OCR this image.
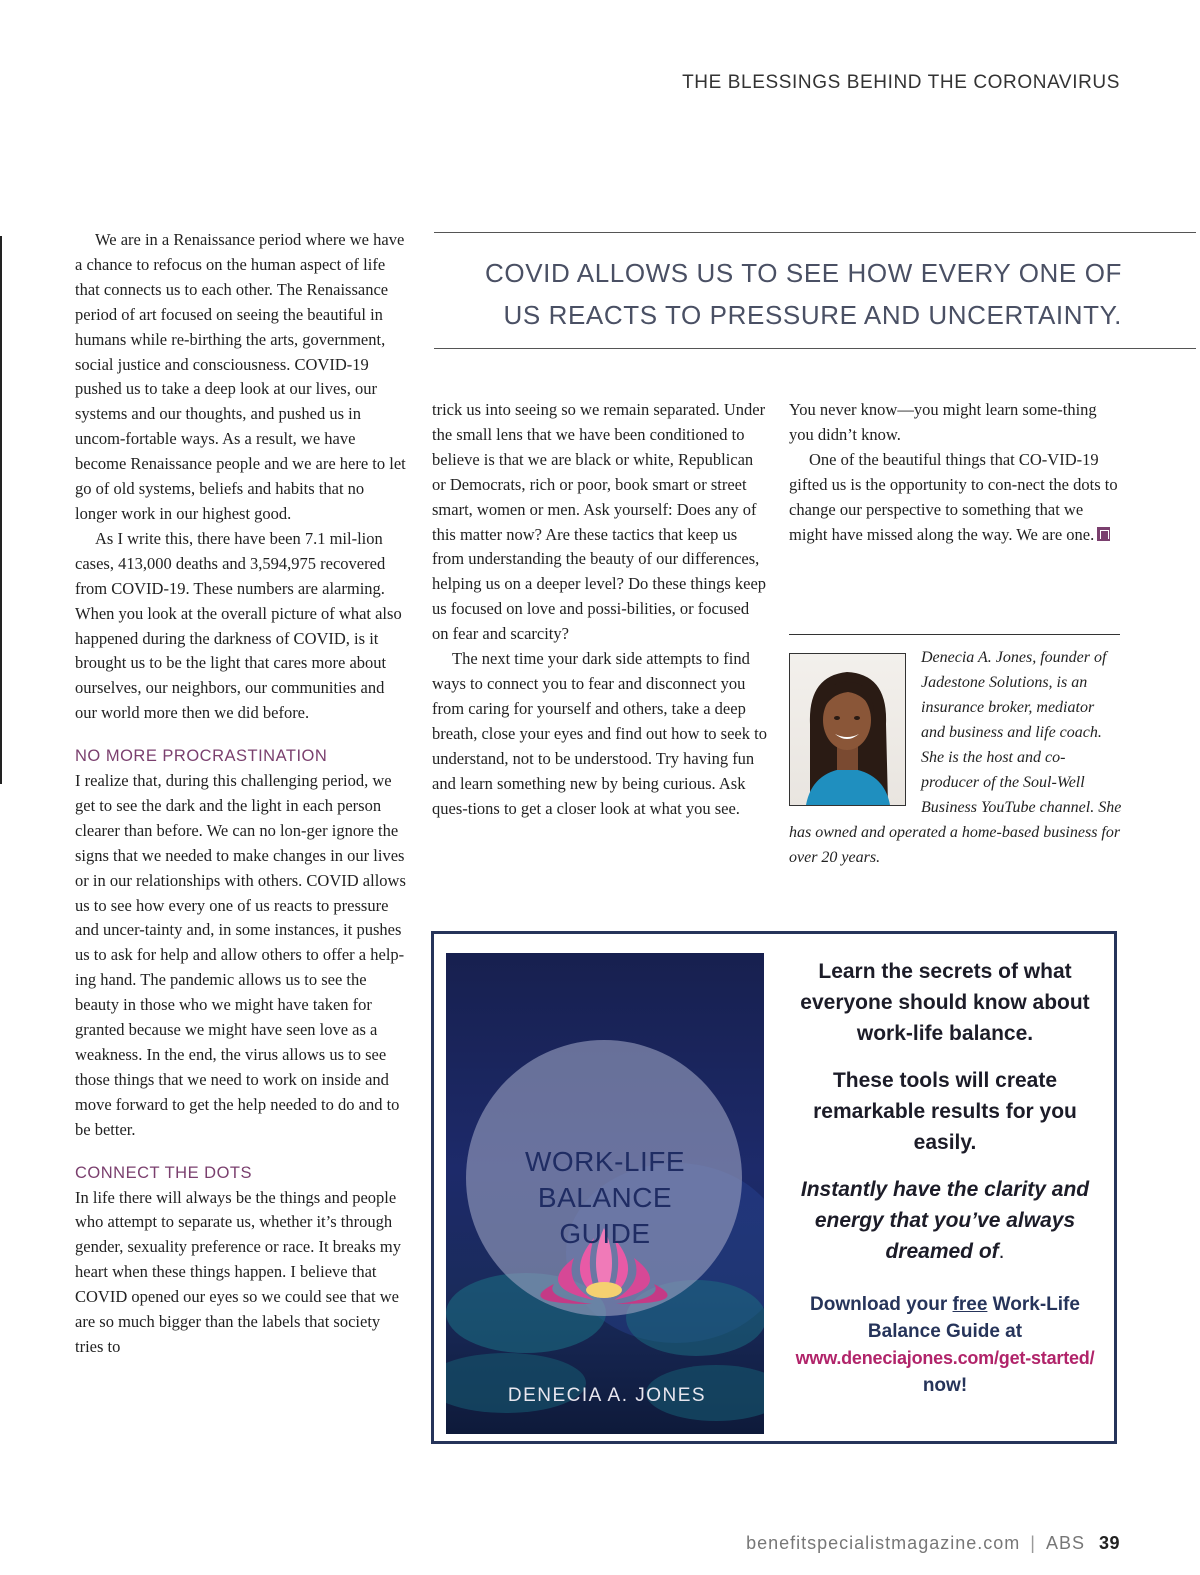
THE BLESSINGS BEHIND THE CORONAVIRUS

We are in a Renaissance period where we have a chance to refocus on the human aspect of life that connects us to each other. The Renaissance period of art focused on seeing the beautiful in humans while re-birthing the arts, government, social justice and consciousness. COVID-19 pushed us to take a deep look at our lives, our systems and our thoughts, and pushed us in uncom-fortable ways. As a result, we have become Renaissance people and we are here to let go of old systems, beliefs and habits that no longer work in our highest good.

As I write this, there have been 7.1 mil-lion cases, 413,000 deaths and 3,594,975 recovered from COVID-19. These numbers are alarming. When you look at the overall picture of what also happened during the darkness of COVID, is it brought us to be the light that cares more about ourselves, our neighbors, our communities and our world more then we did before.

NO MORE PROCRASTINATION

I realize that, during this challenging period, we get to see the dark and the light in each person clearer than before. We can no lon-ger ignore the signs that we needed to make changes in our lives or in our relationships with others. COVID allows us to see how every one of us reacts to pressure and uncer-tainty and, in some instances, it pushes us to ask for help and allow others to offer a help-ing hand. The pandemic allows us to see the beauty in those who we might have taken for granted because we might have seen love as a weakness. In the end, the virus allows us to see those things that we need to work on inside and move forward to get the help needed to do and to be better.

CONNECT THE DOTS

In life there will always be the things and people who attempt to separate us, whether it’s through gender, sexuality preference or race. It breaks my heart when these things happen. I believe that COVID opened our eyes so we could see that we are so much bigger than the labels that society tries to

COVID ALLOWS US TO SEE HOW EVERY ONE OF
US REACTS TO PRESSURE AND UNCERTAINTY.

trick us into seeing so we remain separated. Under the small lens that we have been conditioned to believe is that we are black or white, Republican or Democrats, rich or poor, book smart or street smart, women or men. Ask yourself: Does any of this matter now? Are these tactics that keep us from understanding the beauty of our differences, helping us on a deeper level? Do these things keep us focused on love and possi-bilities, or focused on fear and scarcity?

The next time your dark side attempts to find ways to connect you to fear and disconnect you from caring for yourself and others, take a deep breath, close your eyes and find out how to seek to understand, not to be understood. Try having fun and learn something new by being curious. Ask ques-tions to get a closer look at what you see.

You never know—you might learn some-thing you didn’t know.

One of the beautiful things that CO-VID-19 gifted us is the opportunity to con-nect the dots to change our perspective to something that we might have missed along the way. We are one.

Denecia A. Jones, founder of Jadestone Solutions, is an insurance broker, mediator and business and life coach. She is the host and co-producer of the Soul-Well Business YouTube channel. She has owned and operated a home-based business for over 20 years.
WORK-LIFE
BALANCE
GUIDE
DENECIA A. JONES

Learn the secrets of what everyone should know about work-life balance.

These tools will create remarkable results for you easily.

Instantly have the clarity and energy that you’ve always dreamed of.

Download your free Work-Life Balance Guide at

www.deneciajones.com/get-started/

now!

benefitspecialistmagazine.com | ABS 39
